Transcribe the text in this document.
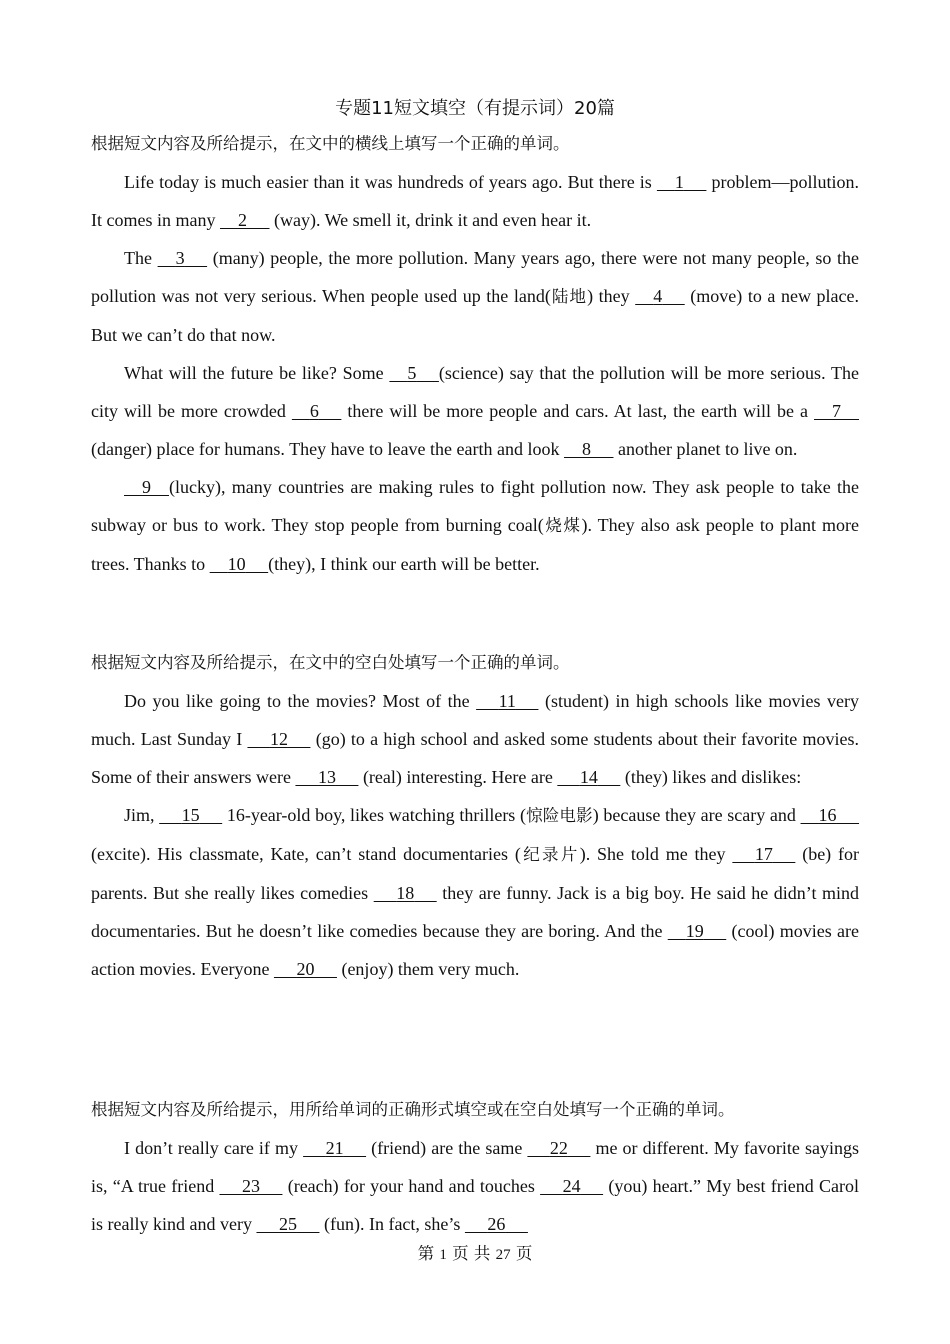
专题11短文填空（有提示词）20篇
根据短文内容及所给提示，在文中的横线上填写一个正确的单词。

Life today is much easier than it was hundreds of years ago. But there is     1      problem—pollution. It comes in many     2      (way). We smell it, drink it and even hear it.

The     3      (many) people, the more pollution. Many years ago, there were not many people, so the pollution was not very serious. When people used up the land(陆地) they     4      (move) to a new place. But we can’t do that now.

What will the future be like? Some     5 (science) say that the pollution will be more serious. The city will be more crowded     6      there will be more people and cars. At last, the earth will be a     7    (danger) place for humans. They have to leave the earth and look     8      another planet to live on.

9 (lucky), many countries are making rules to fight pollution now. They ask people to take the subway or bus to work. They stop people from burning coal(烧煤). They also ask people to plant more trees. Thanks to     10 (they), I think our earth will be better.

根据短文内容及所给提示，在文中的空白处填写一个正确的单词。

Do you like going to the movies? Most of the      11      (student) in high schools like movies very much. Last Sunday I      12      (go) to a high school and asked some students about their favorite movies. Some of their answers were      13      (real) interesting. Here are      14      (they) likes and dislikes:

Jim,      15      16-year-old boy, likes watching thrillers (惊险电影) because they are scary and     16      (excite). His classmate, Kate, can’t stand documentaries (纪录片). She told me they      17      (be) for parents. But she really likes comedies      18      they are funny. Jack is a big boy. He said he didn’t mind documentaries. But he doesn’t like comedies because they are boring. And the     19      (cool) movies are action movies. Everyone      20      (enjoy) them very much.

根据短文内容及所给提示，用所给单词的正确形式填空或在空白处填写一个正确的单词。

I don’t really care if my      21      (friend) are the same      22      me or different. My favorite sayings is, “A true friend      23      (reach) for your hand and touches      24      (you) heart.” My best friend Carol is really kind and very      25      (fun). In fact, she’s      26

第 1 页 共 27 页
